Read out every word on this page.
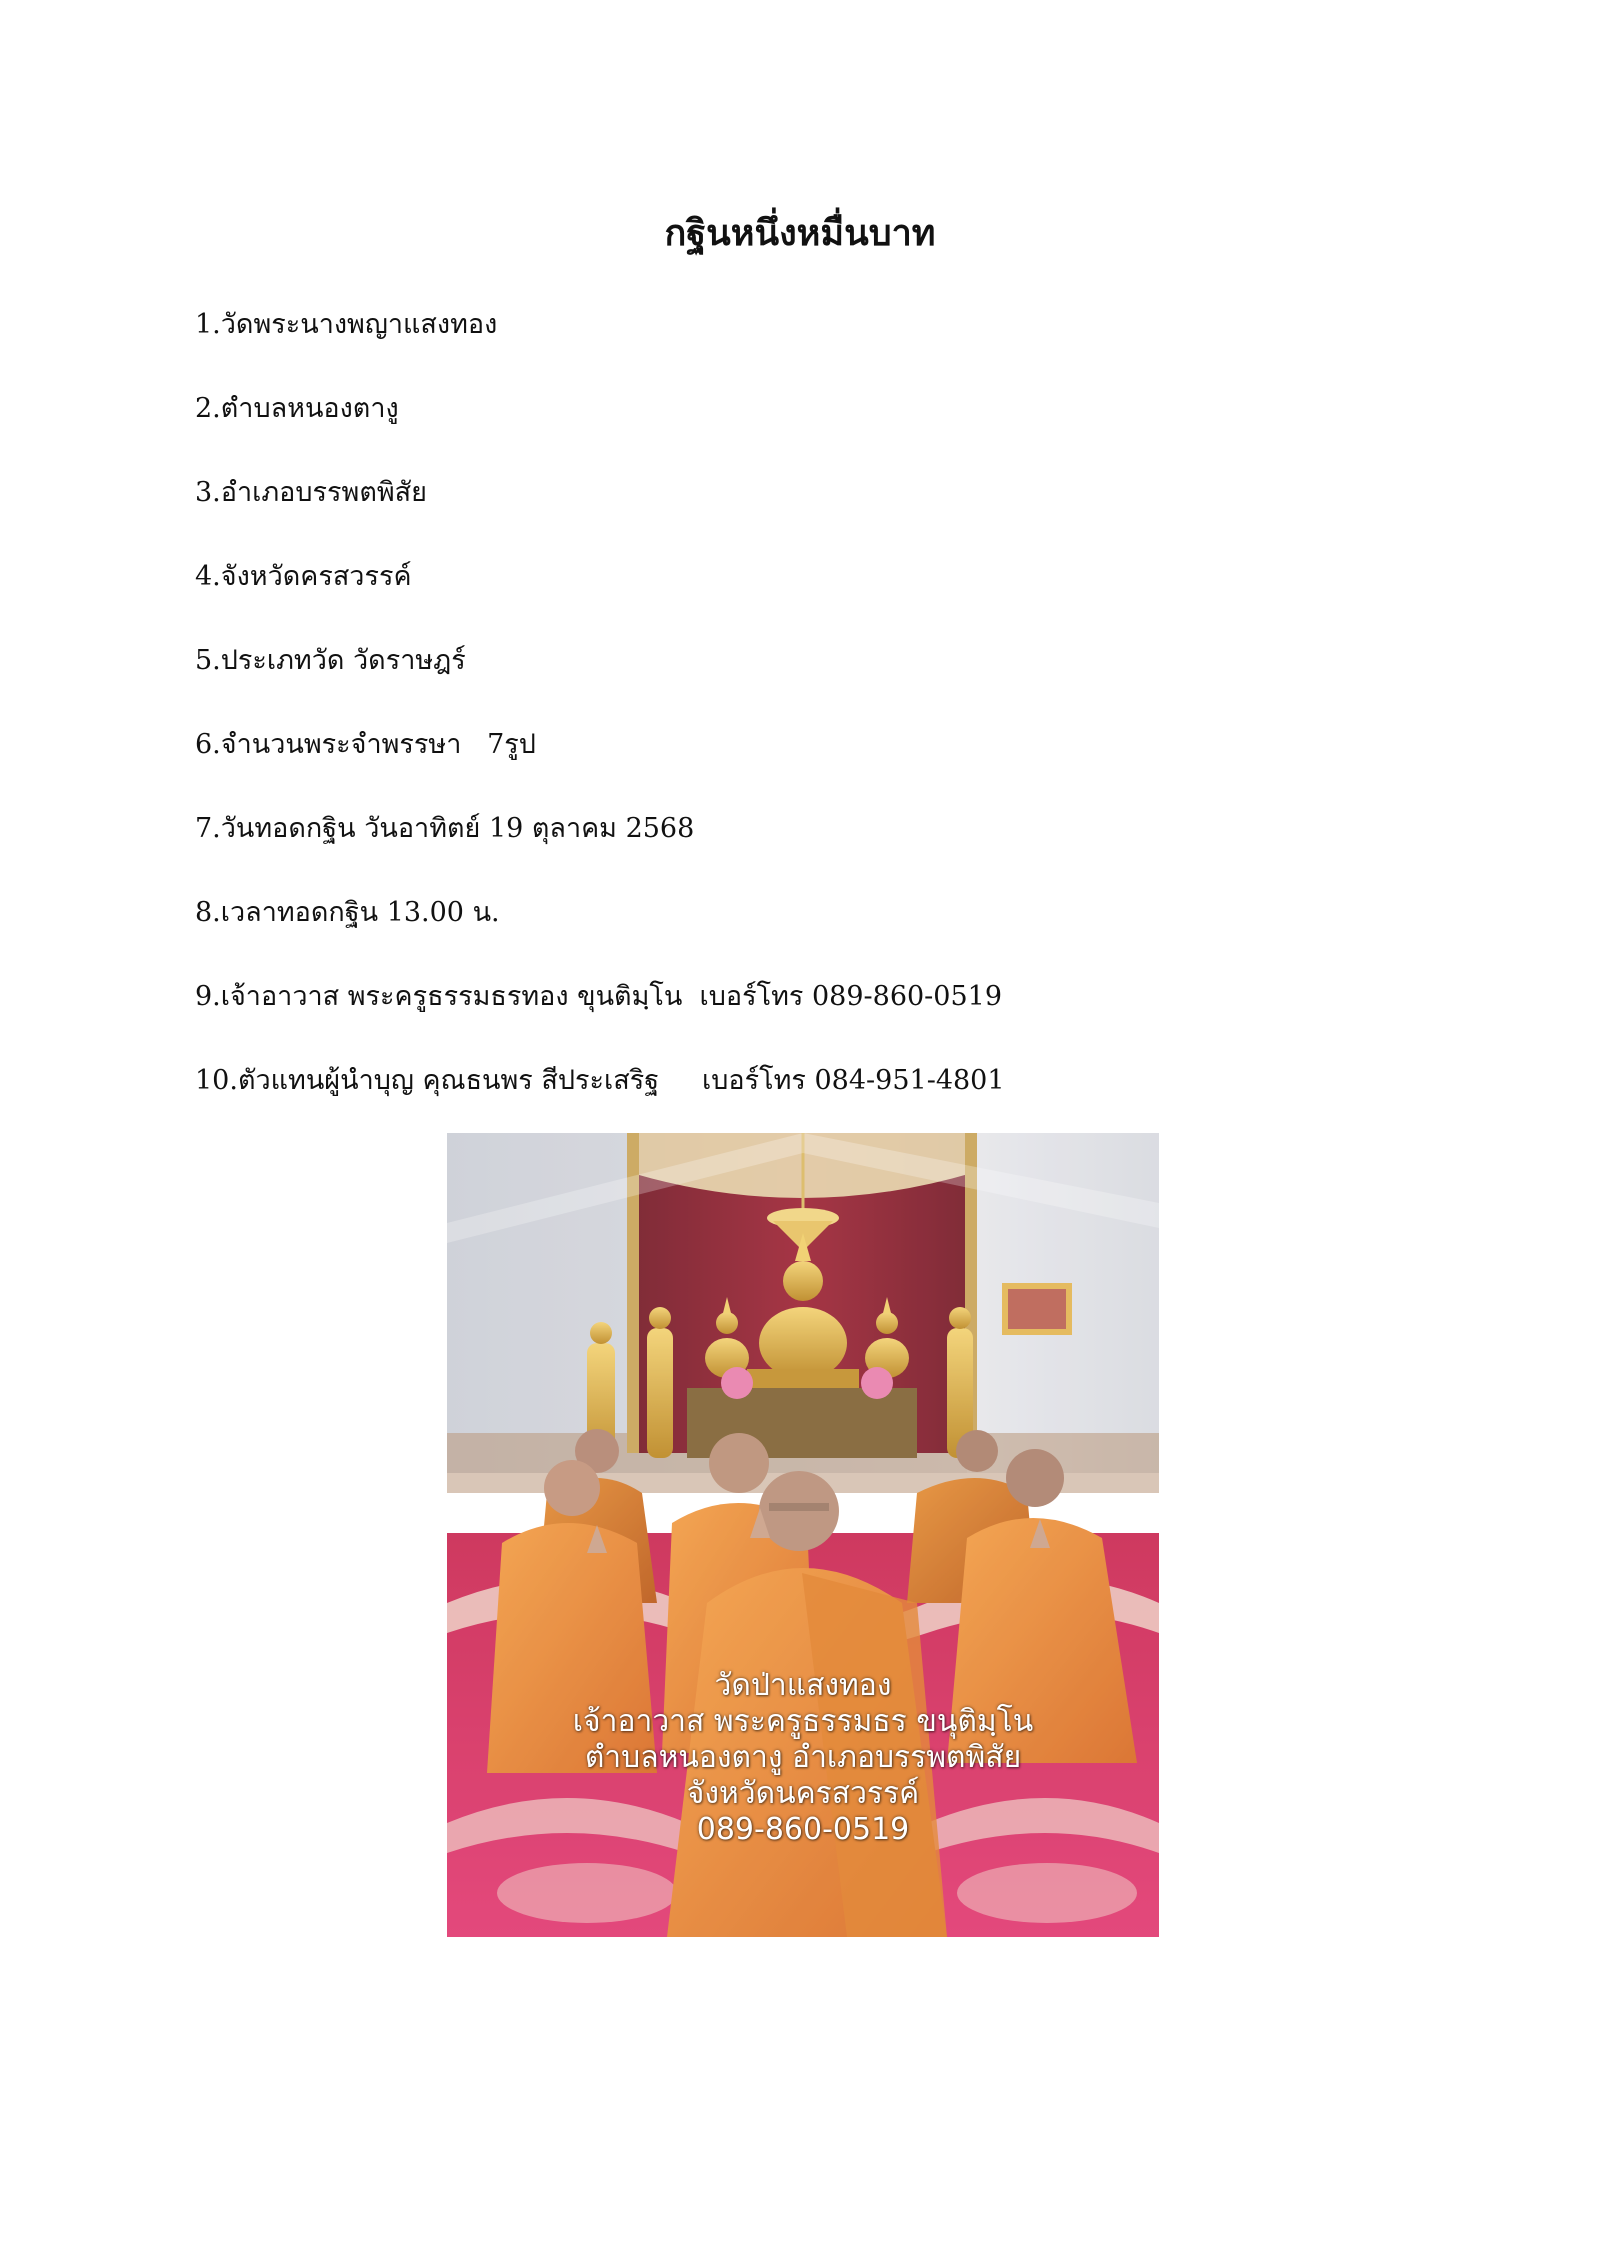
กฐินหนึ่งหมื่นบาท
1.วัดพระนางพญาแสงทอง
2.ตำบลหนองตางู
3.อำเภอบรรพตพิสัย
4.จังหวัดครสวรรค์
5.ประเภทวัด วัดราษฎร์
6.จำนวนพระจำพรรษา   7รูป
7.วันทอดกฐิน วันอาทิตย์ 19 ตุลาคม 2568
8.เวลาทอดกฐิน 13.00 น.
9.เจ้าอาวาส พระครูธรรมธรทอง ขุนติมฺโน  เบอร์โทร 089-860-0519
10.ตัวแทนผู้นำบุญ คุณธนพร สีประเสริฐ     เบอร์โทร 084-951-4801
วัดป่าแสงทอง
เจ้าอาวาส พระครูธรรมธร ขนุติมฺโน
ตำบลหนองตางู อำเภอบรรพตพิสัย
จังหวัดนครสวรรค์
089-860-0519
